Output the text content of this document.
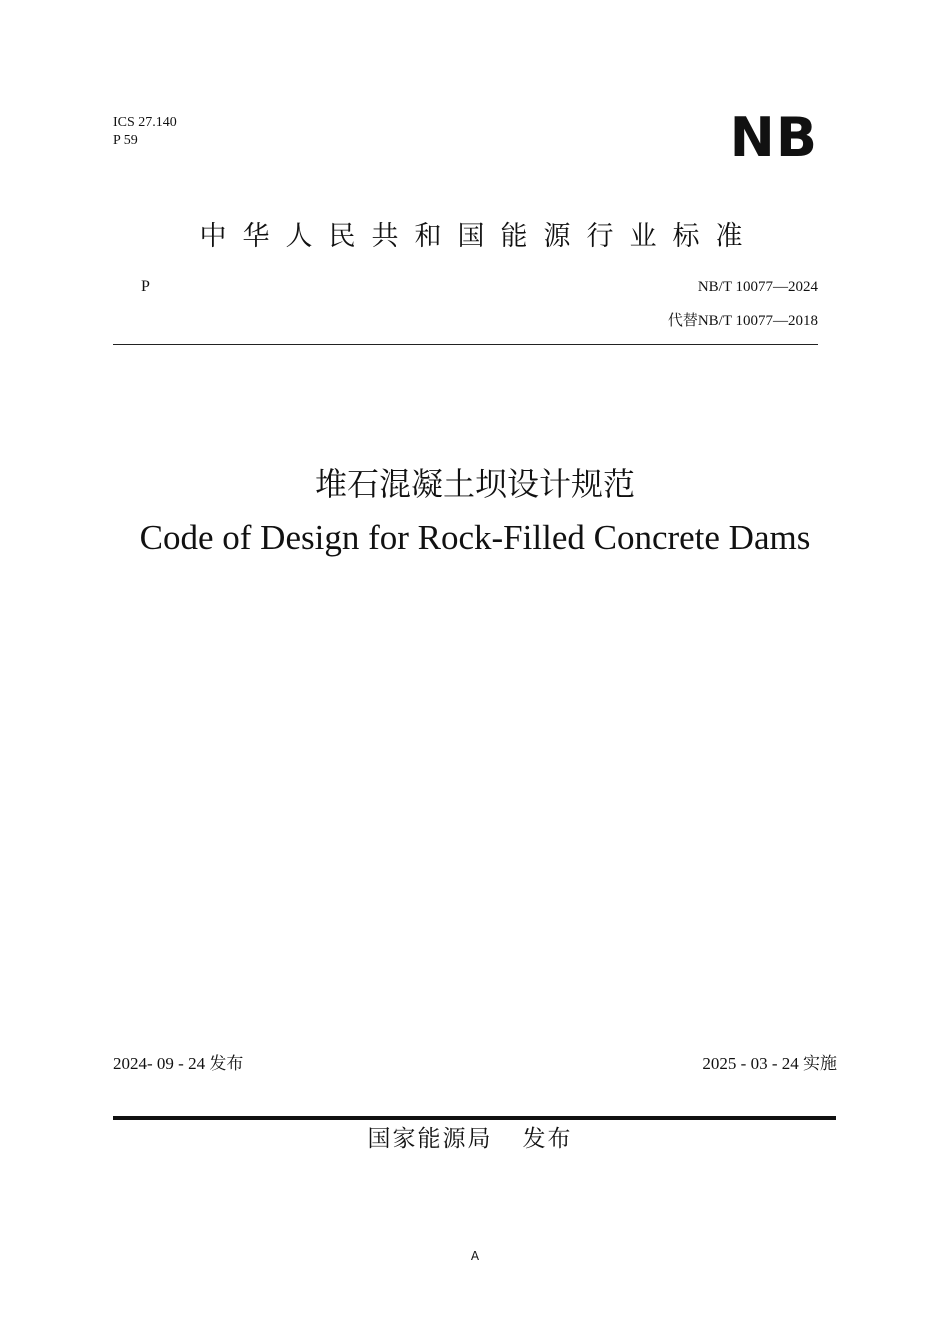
ICS 27.140
P 59	NB
中华人民共和国能源行业标准
P	NB/T 10077—2024
代替NB/T 10077—2018
堆石混凝土坝设计规范
Code of Design for Rock-Filled Concrete Dams
2024- 09 - 24 发布	2025 - 03 - 24 实施
国家能源局 发布
A
